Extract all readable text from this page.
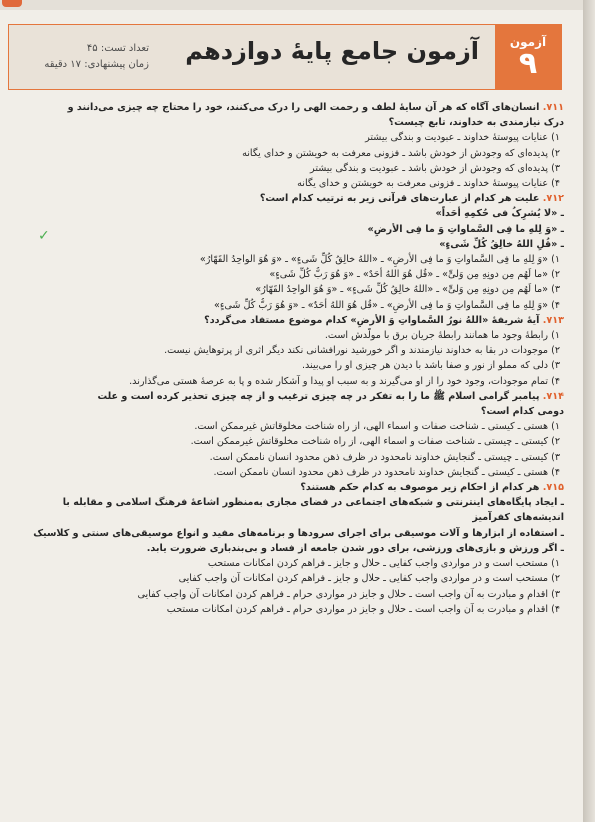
آزمون
۹
آزمون جامع پایهٔ دوازدهم
تعداد تست: ۴۵
زمان پیشنهادی: ۱۷ دقیقه
✓
۷۱۱. انسان‌های آگاه که هر آن سایهٔ لطف و رحمت الهی را درک می‌کنند، خود را محتاج چه چیزی می‌دانند و
درک نیازمندی به خداوند، تابع چیست؟
۱) عنایات پیوستهٔ خداوند ـ عبودیت و بندگی بیشتر
۲) پدیده‌ای که وجودش از خودش باشد ـ فزونی معرفت به خویشتن و خدای یگانه
۳) پدیده‌ای که وجودش از خودش باشد ـ عبودیت و بندگی بیشتر
۴) عنایات پیوستهٔ خداوند ـ فزونی معرفت به خویشتن و خدای یگانه
۷۱۲. علیت هر کدام از عبارت‌های قرآنی زیر به ترتیب کدام است؟
ـ «لا یُشرِکُ فی حُکمِهِ أحَداً»
ـ «وَ لِلهِ ما فِی السَّماواتِ وَ ما فِی الأرضِ»
ـ «قُلِ اللهُ خالِقُ کُلِّ شَیءٍ»
۱) «وَ لِلهِ ما فِی السَّماواتِ وَ ما فِی الأرضِ» ـ «اللهُ خالِقُ کُلِّ شَیءٍ» ـ «وَ هُوَ الواحِدُ القَهّارُ»
۲) «ما لَهُم مِن دونِهِ مِن وَلیٍّ» ـ «قُل هُوَ اللهُ أحَدٌ» ـ «وَ هُوَ رَبُّ کُلِّ شَیءٍ»
۳) «ما لَهُم مِن دونِهِ مِن وَلیٍّ» ـ «اللهُ خالِقُ کُلِّ شَیءٍ» ـ «وَ هُوَ الواحِدُ القَهّارُ»
۴) «وَ لِلهِ ما فِی السَّماواتِ وَ ما فِی الأرضِ» ـ «قُل هُوَ اللهُ أحَدٌ» ـ «وَ هُوَ رَبُّ کُلِّ شَیءٍ»
۷۱۳. آیهٔ شریفهٔ «اللهُ نورُ السَّماواتِ وَ الأرضِ» کدام موضوع مستفاد می‌گردد؟
۱) رابطهٔ وجود ما همانند رابطهٔ جریان برق با مولّدش است.
۲) موجودات در بقا به خداوند نیازمندند و اگر خورشید نورافشانی نکند دیگر اثری از پرتوهایش نیست.
۳) دلی که مملو از نور و صفا باشد با دیدن هر چیزی او را می‌بیند.
۴) تمام موجودات، وجود خود را از او می‌گیرند و به سبب او پیدا و آشکار شده و پا به عرصهٔ هستی می‌گذارند.
۷۱۴. پیامبر گرامی اسلام ﷺ ما را به تفکر در چه چیزی ترغیب و از چه چیزی تحذیر کرده است و علت
دومی کدام است؟
۱) هستی ـ کیستی ـ شناخت صفات و اسماء الهی، از راه شناخت مخلوقاتش غیرممکن است.
۲) کیستی ـ چیستی ـ شناخت صفات و اسماء الهی، از راه شناخت مخلوقاتش غیرممکن است.
۳) کیستی ـ چیستی ـ گنجایش خداوند نامحدود در ظرف ذهن محدود انسان ناممکن است.
۴) هستی ـ کیستی ـ گنجایش خداوند نامحدود در ظرف ذهن محدود انسان ناممکن است.
۷۱۵. هر کدام از احکام زیر موصوف به کدام حکم هستند؟
ـ ایجاد پایگاه‌های اینترنتی و شبکه‌های اجتماعی در فضای مجازی به‌منظور اشاعهٔ فرهنگ اسلامی و مقابله با
اندیشه‌های کفرآمیز
ـ استفاده از ابزارها و آلات موسیقی برای اجرای سرودها و برنامه‌های مفید و انواع موسیقی‌های سنتی و کلاسیک
ـ اگر ورزش و بازی‌های ورزشی، برای دور شدن جامعه از فساد و بی‌بندباری ضرورت یابد.
۱) مستحب است و در مواردی واجب کفایی ـ حلال و جایز ـ فراهم کردن امکانات مستحب
۲) مستحب است و در مواردی واجب کفایی ـ حلال و جایز ـ فراهم کردن امکانات آن واجب کفایی
۳) اقدام و مبادرت به آن واجب است ـ حلال و جایز در مواردی حرام ـ فراهم کردن امکانات آن واجب کفایی
۴) اقدام و مبادرت به آن واجب است ـ حلال و جایز در مواردی حرام ـ فراهم کردن امکانات مستحب
